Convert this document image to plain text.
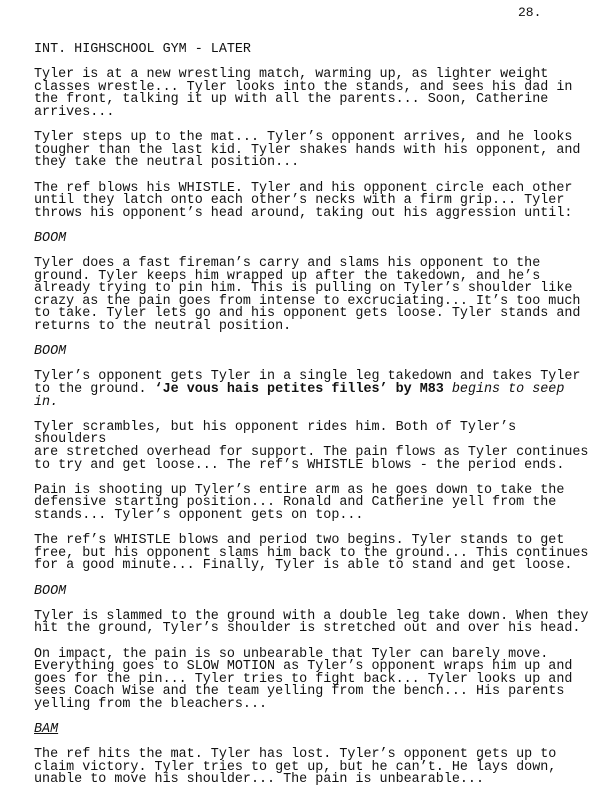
28.
INT. HIGHSCHOOL GYM - LATER
Tyler is at a new wrestling match, warming up, as lighter weight
classes wrestle... Tyler looks into the stands, and sees his dad in
the front, talking it up with all the parents... Soon, Catherine
arrives...
Tyler steps up to the mat... Tyler’s opponent arrives, and he looks
tougher than the last kid. Tyler shakes hands with his opponent, and
they take the neutral position...
The ref blows his WHISTLE. Tyler and his opponent circle each other
until they latch onto each other’s necks with a firm grip... Tyler
throws his opponent’s head around, taking out his aggression until:
BOOM
Tyler does a fast fireman’s carry and slams his opponent to the
ground. Tyler keeps him wrapped up after the takedown, and he’s
already trying to pin him. This is pulling on Tyler’s shoulder like
crazy as the pain goes from intense to excruciating... It’s too much
to take. Tyler lets go and his opponent gets loose. Tyler stands and
returns to the neutral position.
BOOM
Tyler’s opponent gets Tyler in a single leg takedown and takes Tyler
to the ground. ‘Je vous hais petites filles’ by M83 begins to seep in.
Tyler scrambles, but his opponent rides him. Both of Tyler’s shoulders
are stretched overhead for support. The pain flows as Tyler continues
to try and get loose... The ref’s WHISTLE blows - the period ends.
Pain is shooting up Tyler’s entire arm as he goes down to take the
defensive starting position... Ronald and Catherine yell from the
stands... Tyler’s opponent gets on top...
The ref’s WHISTLE blows and period two begins. Tyler stands to get
free, but his opponent slams him back to the ground... This continues
for a good minute... Finally, Tyler is able to stand and get loose.
BOOM
Tyler is slammed to the ground with a double leg take down. When they
hit the ground, Tyler’s shoulder is stretched out and over his head.
On impact, the pain is so unbearable that Tyler can barely move.
Everything goes to SLOW MOTION as Tyler’s opponent wraps him up and
goes for the pin... Tyler tries to fight back... Tyler looks up and
sees Coach Wise and the team yelling from the bench... His parents
yelling from the bleachers...
BAM
The ref hits the mat. Tyler has lost. Tyler’s opponent gets up to
claim victory. Tyler tries to get up, but he can’t. He lays down,
unable to move his shoulder... The pain is unbearable...
